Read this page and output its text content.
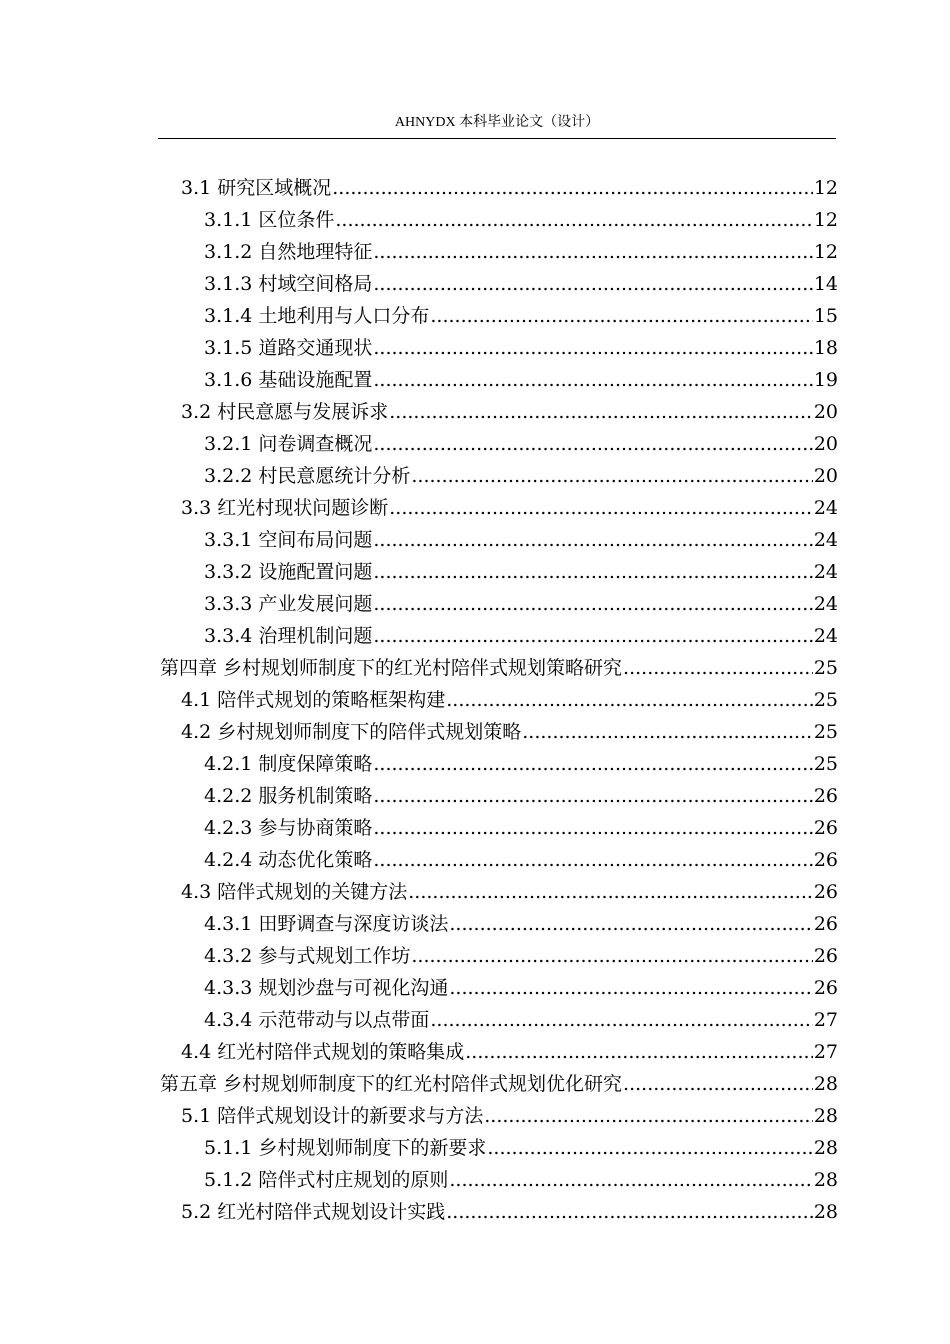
AHNYDX 本科毕业论文（设计）
3.1 研究区域概况 .....	12
3.1.1 区位条件 .....	12
3.1.2 自然地理特征 .....	12
3.1.3 村域空间格局 .....	14
3.1.4 土地利用与人口分布 .....	15
3.1.5 道路交通现状 .....	18
3.1.6 基础设施配置 .....	19
3.2 村民意愿与发展诉求 .....	20
3.2.1 问卷调查概况 .....	20
3.2.2 村民意愿统计分析 .....	20
3.3 红光村现状问题诊断 .....	24
3.3.1 空间布局问题 .....	24
3.3.2 设施配置问题 .....	24
3.3.3 产业发展问题 .....	24
3.3.4 治理机制问题 .....	24
第四章 乡村规划师制度下的红光村陪伴式规划策略研究 .....	25
4.1 陪伴式规划的策略框架构建 .....	25
4.2 乡村规划师制度下的陪伴式规划策略 .....	25
4.2.1 制度保障策略 .....	25
4.2.2 服务机制策略 .....	26
4.2.3 参与协商策略 .....	26
4.2.4 动态优化策略 .....	26
4.3 陪伴式规划的关键方法 .....	26
4.3.1 田野调查与深度访谈法 .....	26
4.3.2 参与式规划工作坊 .....	26
4.3.3 规划沙盘与可视化沟通 .....	26
4.3.4 示范带动与以点带面 .....	27
4.4 红光村陪伴式规划的策略集成 .....	27
第五章 乡村规划师制度下的红光村陪伴式规划优化研究 .....	28
5.1 陪伴式规划设计的新要求与方法 .....	28
5.1.1 乡村规划师制度下的新要求 .....	28
5.1.2 陪伴式村庄规划的原则 .....	28
5.2 红光村陪伴式规划设计实践 .....	28
